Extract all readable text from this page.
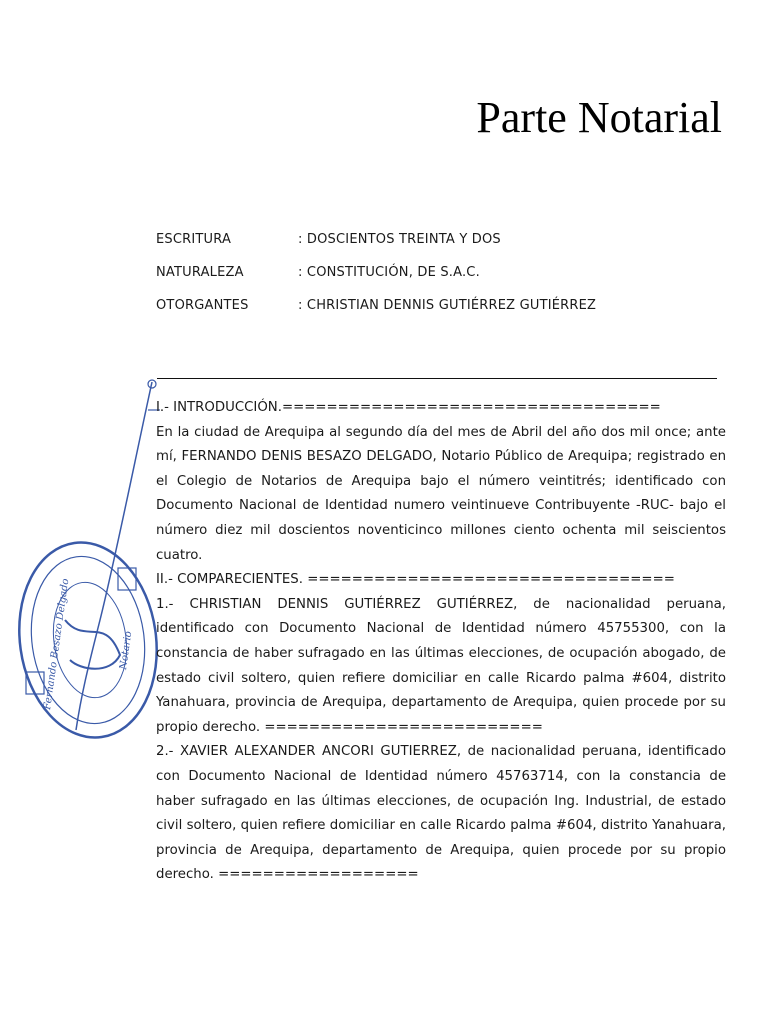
Parte Notarial
ESCRITURA	: DOSCIENTOS TREINTA Y DOS
NATURALEZA	: CONSTITUCIÓN, DE S.A.C.
OTORGANTES	: CHRISTIAN DENNIS GUTIÉRREZ GUTIÉRREZ
Fernando Besazo Delgado	Notario

I.- INTRODUCCIÓN.==================================

En la ciudad de Arequipa al segundo día del mes de Abril del año dos mil once; ante mí, FERNANDO DENIS BESAZO DELGADO, Notario Público de Arequipa; registrado en el Colegio de Notarios de Arequipa bajo el número veintitrés; identificado con Documento Nacional de Identidad numero veintinueve Contribuyente -RUC- bajo el número diez mil doscientos noventicinco millones ciento ochenta mil seiscientos cuatro.

II.- COMPARECIENTES. =================================

1.- CHRISTIAN DENNIS GUTIÉRREZ GUTIÉRREZ, de nacionalidad peruana, identificado con Documento Nacional de Identidad número 45755300, con la constancia de haber sufragado en las últimas elecciones, de ocupación abogado, de estado civil soltero, quien refiere domiciliar en calle Ricardo palma #604, distrito Yanahuara, provincia de Arequipa, departamento de Arequipa, quien procede por su propio derecho. =========================

2.- XAVIER ALEXANDER ANCORI GUTIERREZ, de nacionalidad peruana, identificado con Documento Nacional de Identidad número 45763714, con la constancia de haber sufragado en las últimas elecciones, de ocupación Ing. Industrial, de estado civil soltero, quien refiere domiciliar en calle Ricardo palma #604, distrito Yanahuara, provincia de Arequipa, departamento de Arequipa, quien procede por su propio derecho. ==================
